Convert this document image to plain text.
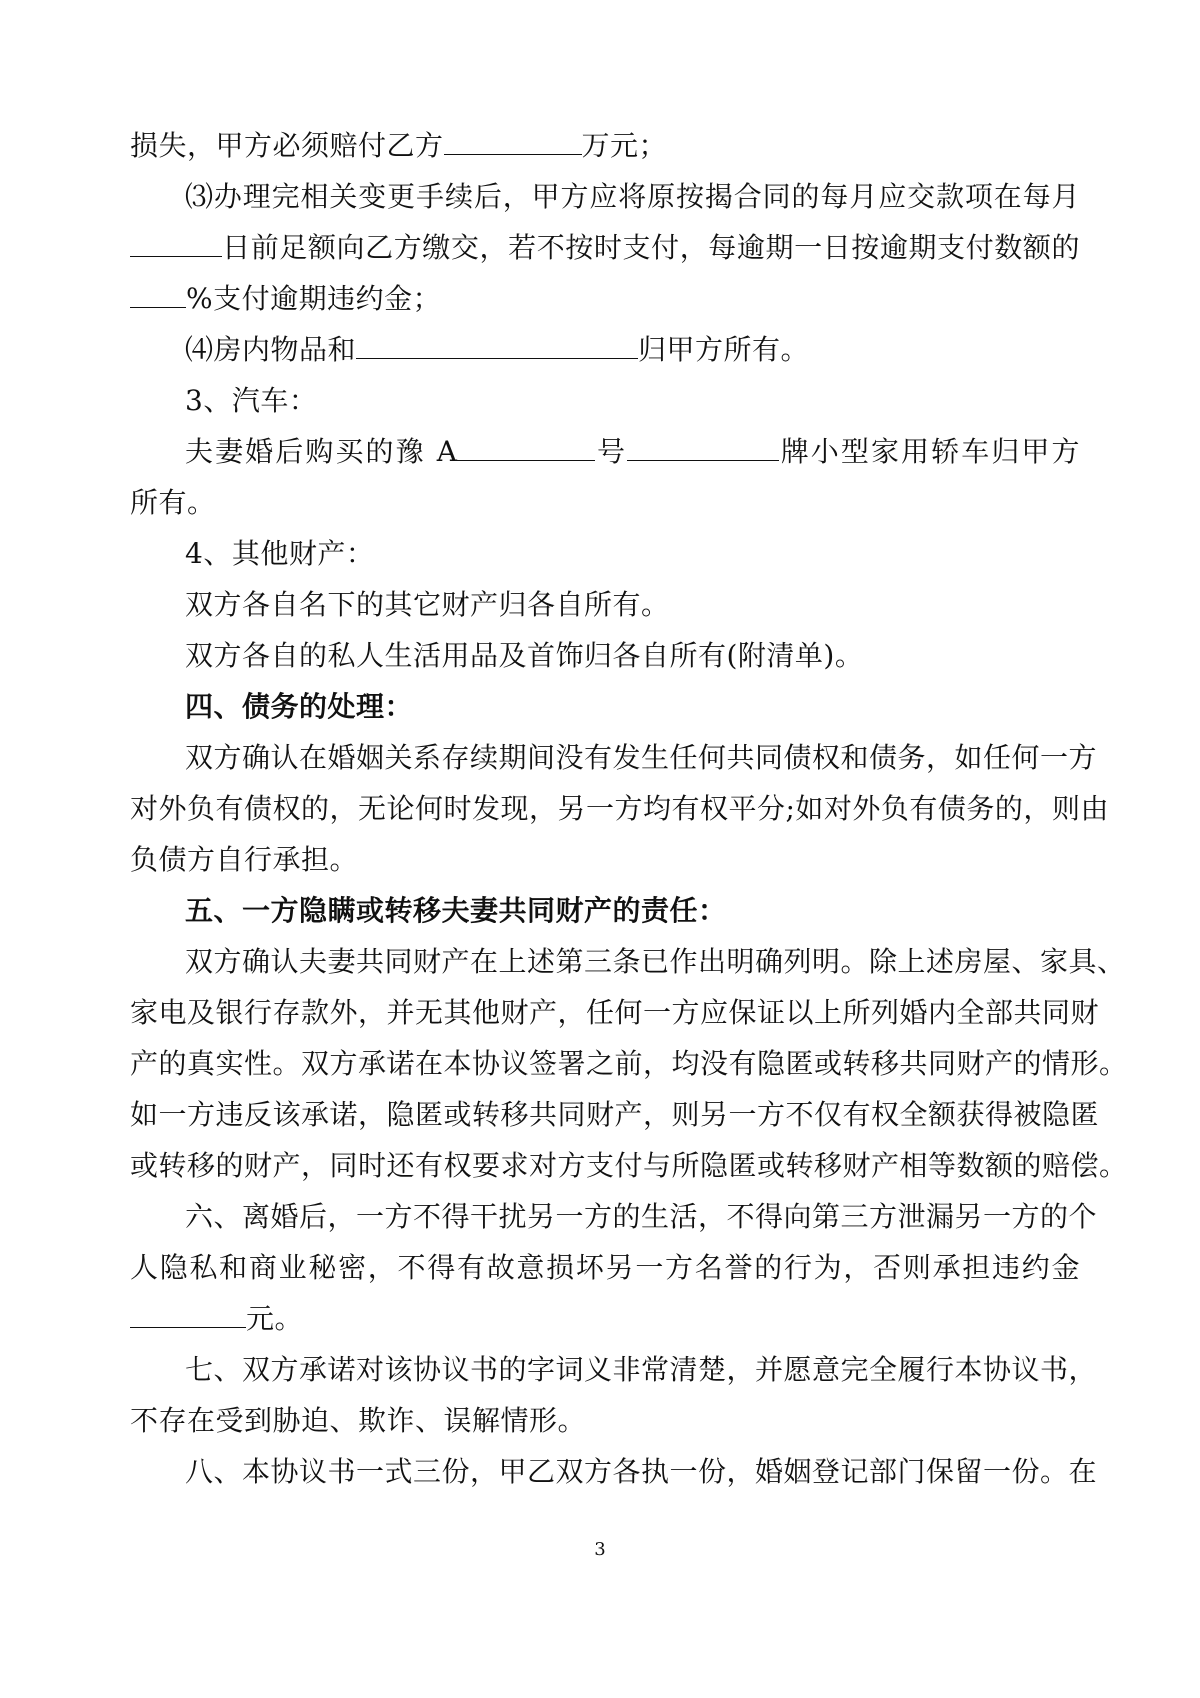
损失，甲方必须赔付乙方	万元；
⑶办理完相关变更手续后，甲方应将原按揭合同的每月应交款项在每月
日前足额向乙方缴交，若不按时支付，每逾期一日按逾期支付数额的
%支付逾期违约金；
⑷房内物品和	归甲方所有。
3、汽车：
夫妻婚后购买的豫 A	号	牌小型家用轿车归甲方
所有。
4、其他财产：
双方各自名下的其它财产归各自所有。
双方各自的私人生活用品及首饰归各自所有(附清单)。
四、债务的处理：
双方确认在婚姻关系存续期间没有发生任何共同债权和债务，如任何一方
对外负有债权的，无论何时发现，另一方均有权平分;如对外负有债务的，则由
负债方自行承担。
五、一方隐瞒或转移夫妻共同财产的责任：
双方确认夫妻共同财产在上述第三条已作出明确列明。除上述房屋、家具、
家电及银行存款外，并无其他财产，任何一方应保证以上所列婚内全部共同财
产的真实性。双方承诺在本协议签署之前，均没有隐匿或转移共同财产的情形。
如一方违反该承诺，隐匿或转移共同财产，则另一方不仅有权全额获得被隐匿
或转移的财产，同时还有权要求对方支付与所隐匿或转移财产相等数额的赔偿。
六、离婚后，一方不得干扰另一方的生活，不得向第三方泄漏另一方的个
人隐私和商业秘密，不得有故意损坏另一方名誉的行为，否则承担违约金
元。
七、双方承诺对该协议书的字词义非常清楚，并愿意完全履行本协议书，
不存在受到胁迫、欺诈、误解情形。
八、本协议书一式三份，甲乙双方各执一份，婚姻登记部门保留一份。在
3
